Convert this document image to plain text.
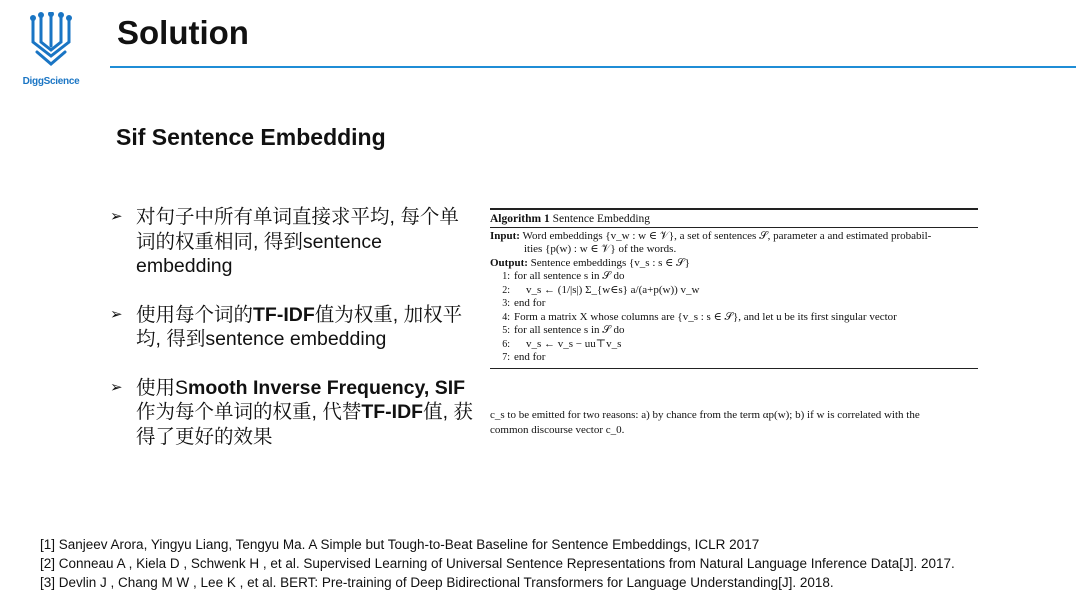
DiggScience
Solution
Sif Sentence Embedding
➢ 对句子中所有单词直接求平均, 每个单词的权重相同, 得到sentence embedding
➢ 使用每个词的TF-IDF值为权重, 加权平均, 得到sentence embedding
➢ 使用Smooth Inverse Frequency, SIF作为每个单词的权重, 代替TF-IDF值, 获得了更好的效果
Algorithm 1 Sentence Embedding
Input: Word embeddings {v_w : w ∈ 𝒱}, a set of sentences 𝒮, parameter a and estimated probabil-
ities {p(w) : w ∈ 𝒱} of the words.
Output: Sentence embeddings {v_s : s ∈ 𝒮}
1: for all sentence s in 𝒮 do
2: v_s ← (1/|s|) Σ_{w∈s} a/(a+p(w)) v_w
3: end for
4: Form a matrix X whose columns are {v_s : s ∈ 𝒮}, and let u be its first singular vector
5: for all sentence s in 𝒮 do
6: v_s ← v_s − uu⊤v_s
7: end for
c_s to be emitted for two reasons: a) by chance from the term αp(w); b) if w is correlated with the
common discourse vector c_0.
[1] Sanjeev Arora, Yingyu Liang, Tengyu Ma. A Simple but Tough-to-Beat Baseline for Sentence Embeddings, ICLR 2017
[2] Conneau A , Kiela D , Schwenk H , et al. Supervised Learning of Universal Sentence Representations from Natural Language Inference Data[J]. 2017.
[3] Devlin J , Chang M W , Lee K , et al. BERT: Pre-training of Deep Bidirectional Transformers for Language Understanding[J]. 2018.
